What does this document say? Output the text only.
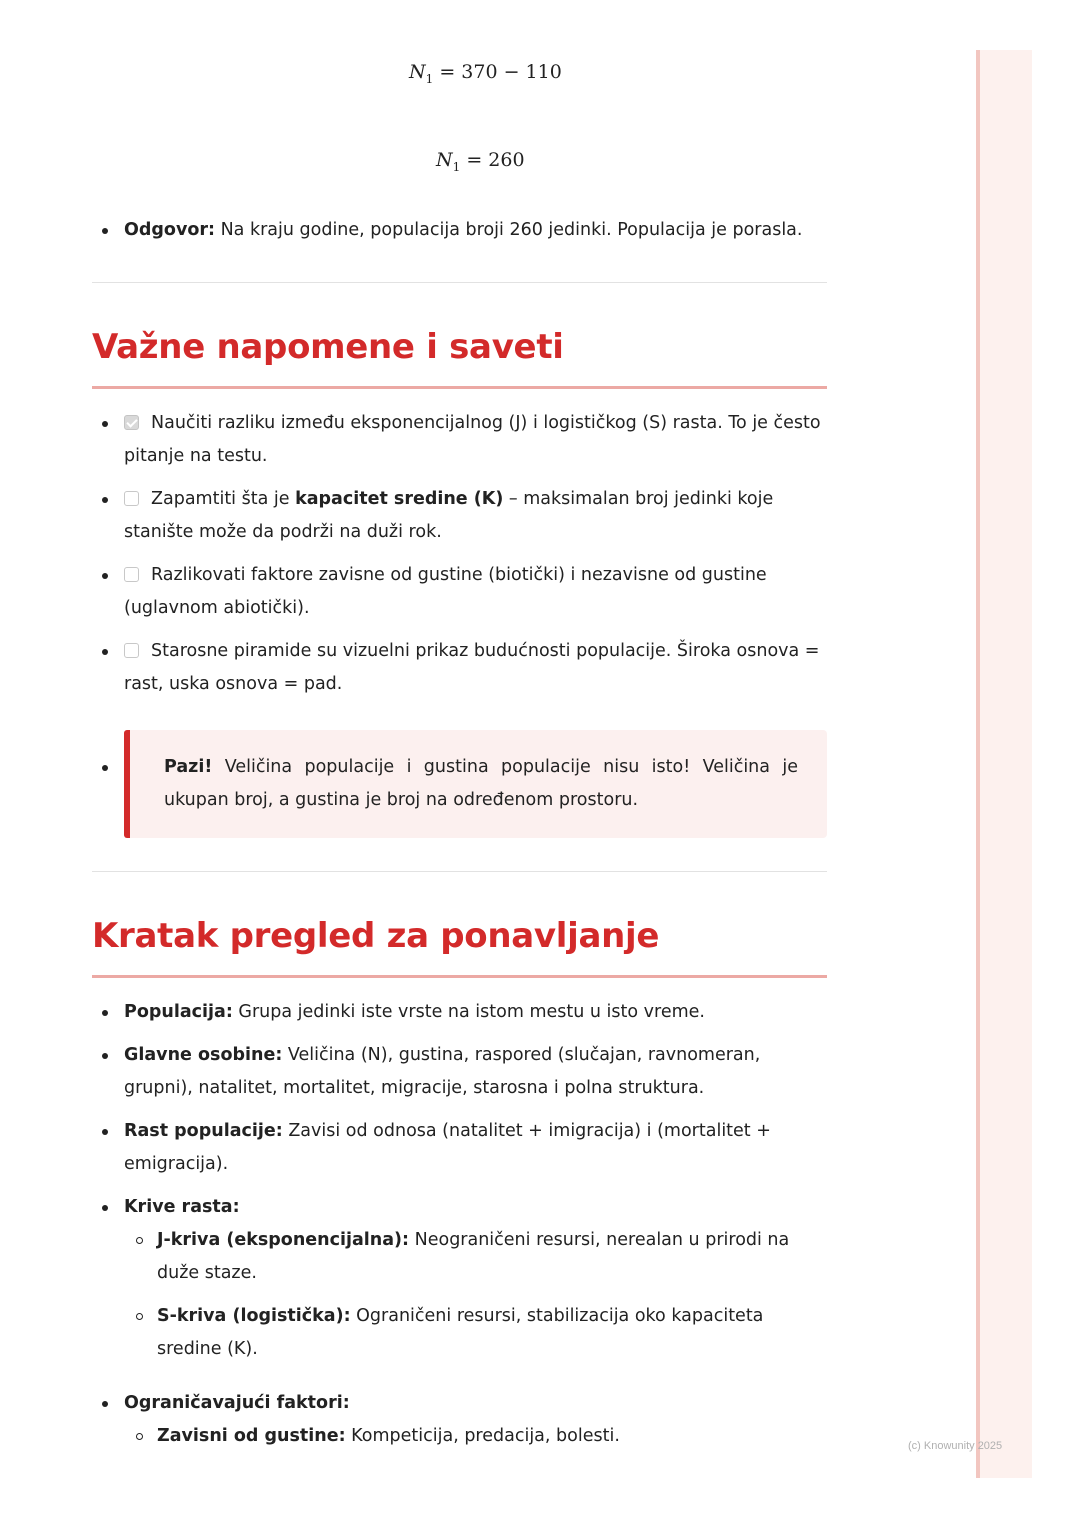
(c) Knowunity 2025
$N_1 = 370 - 110$
$N_1 = 260$
Odgovor: Na kraju godine, populacija broji 260 jedinki. Populacija je porasla.
Važne napomene i saveti
Naučiti razliku između eksponencijalnog (J) i logističkog (S) rasta. To je često pitanje na testu.
Zapamtiti šta je kapacitet sredine (K) – maksimalan broj jedinki koje stanište može da podrži na duži rok.
Razlikovati faktore zavisne od gustine (biotički) i nezavisne od gustine (uglavnom abiotički).
Starosne piramide su vizuelni prikaz budućnosti populacije. Široka osnova = rast, uska osnova = pad.
Pazi! Veličina populacije i gustina populacije nisu isto! Veličina je ukupan broj, a gustina je broj na određenom prostoru.
Kratak pregled za ponavljanje
Populacija: Grupa jedinki iste vrste na istom mestu u isto vreme.
Glavne osobine: Veličina (N), gustina, raspored (slučajan, ravnomeran, grupni), natalitet, mortalitet, migracije, starosna i polna struktura.
Rast populacije: Zavisi od odnosa (natalitet + imigracija) i (mortalitet + emigracija).
Krive rasta:
J-kriva (eksponencijalna): Neograničeni resursi, nerealan u prirodi na duže staze.
S-kriva (logistička): Ograničeni resursi, stabilizacija oko kapaciteta sredine (K).
Ograničavajući faktori:
Zavisni od gustine: Kompeticija, predacija, bolesti.
